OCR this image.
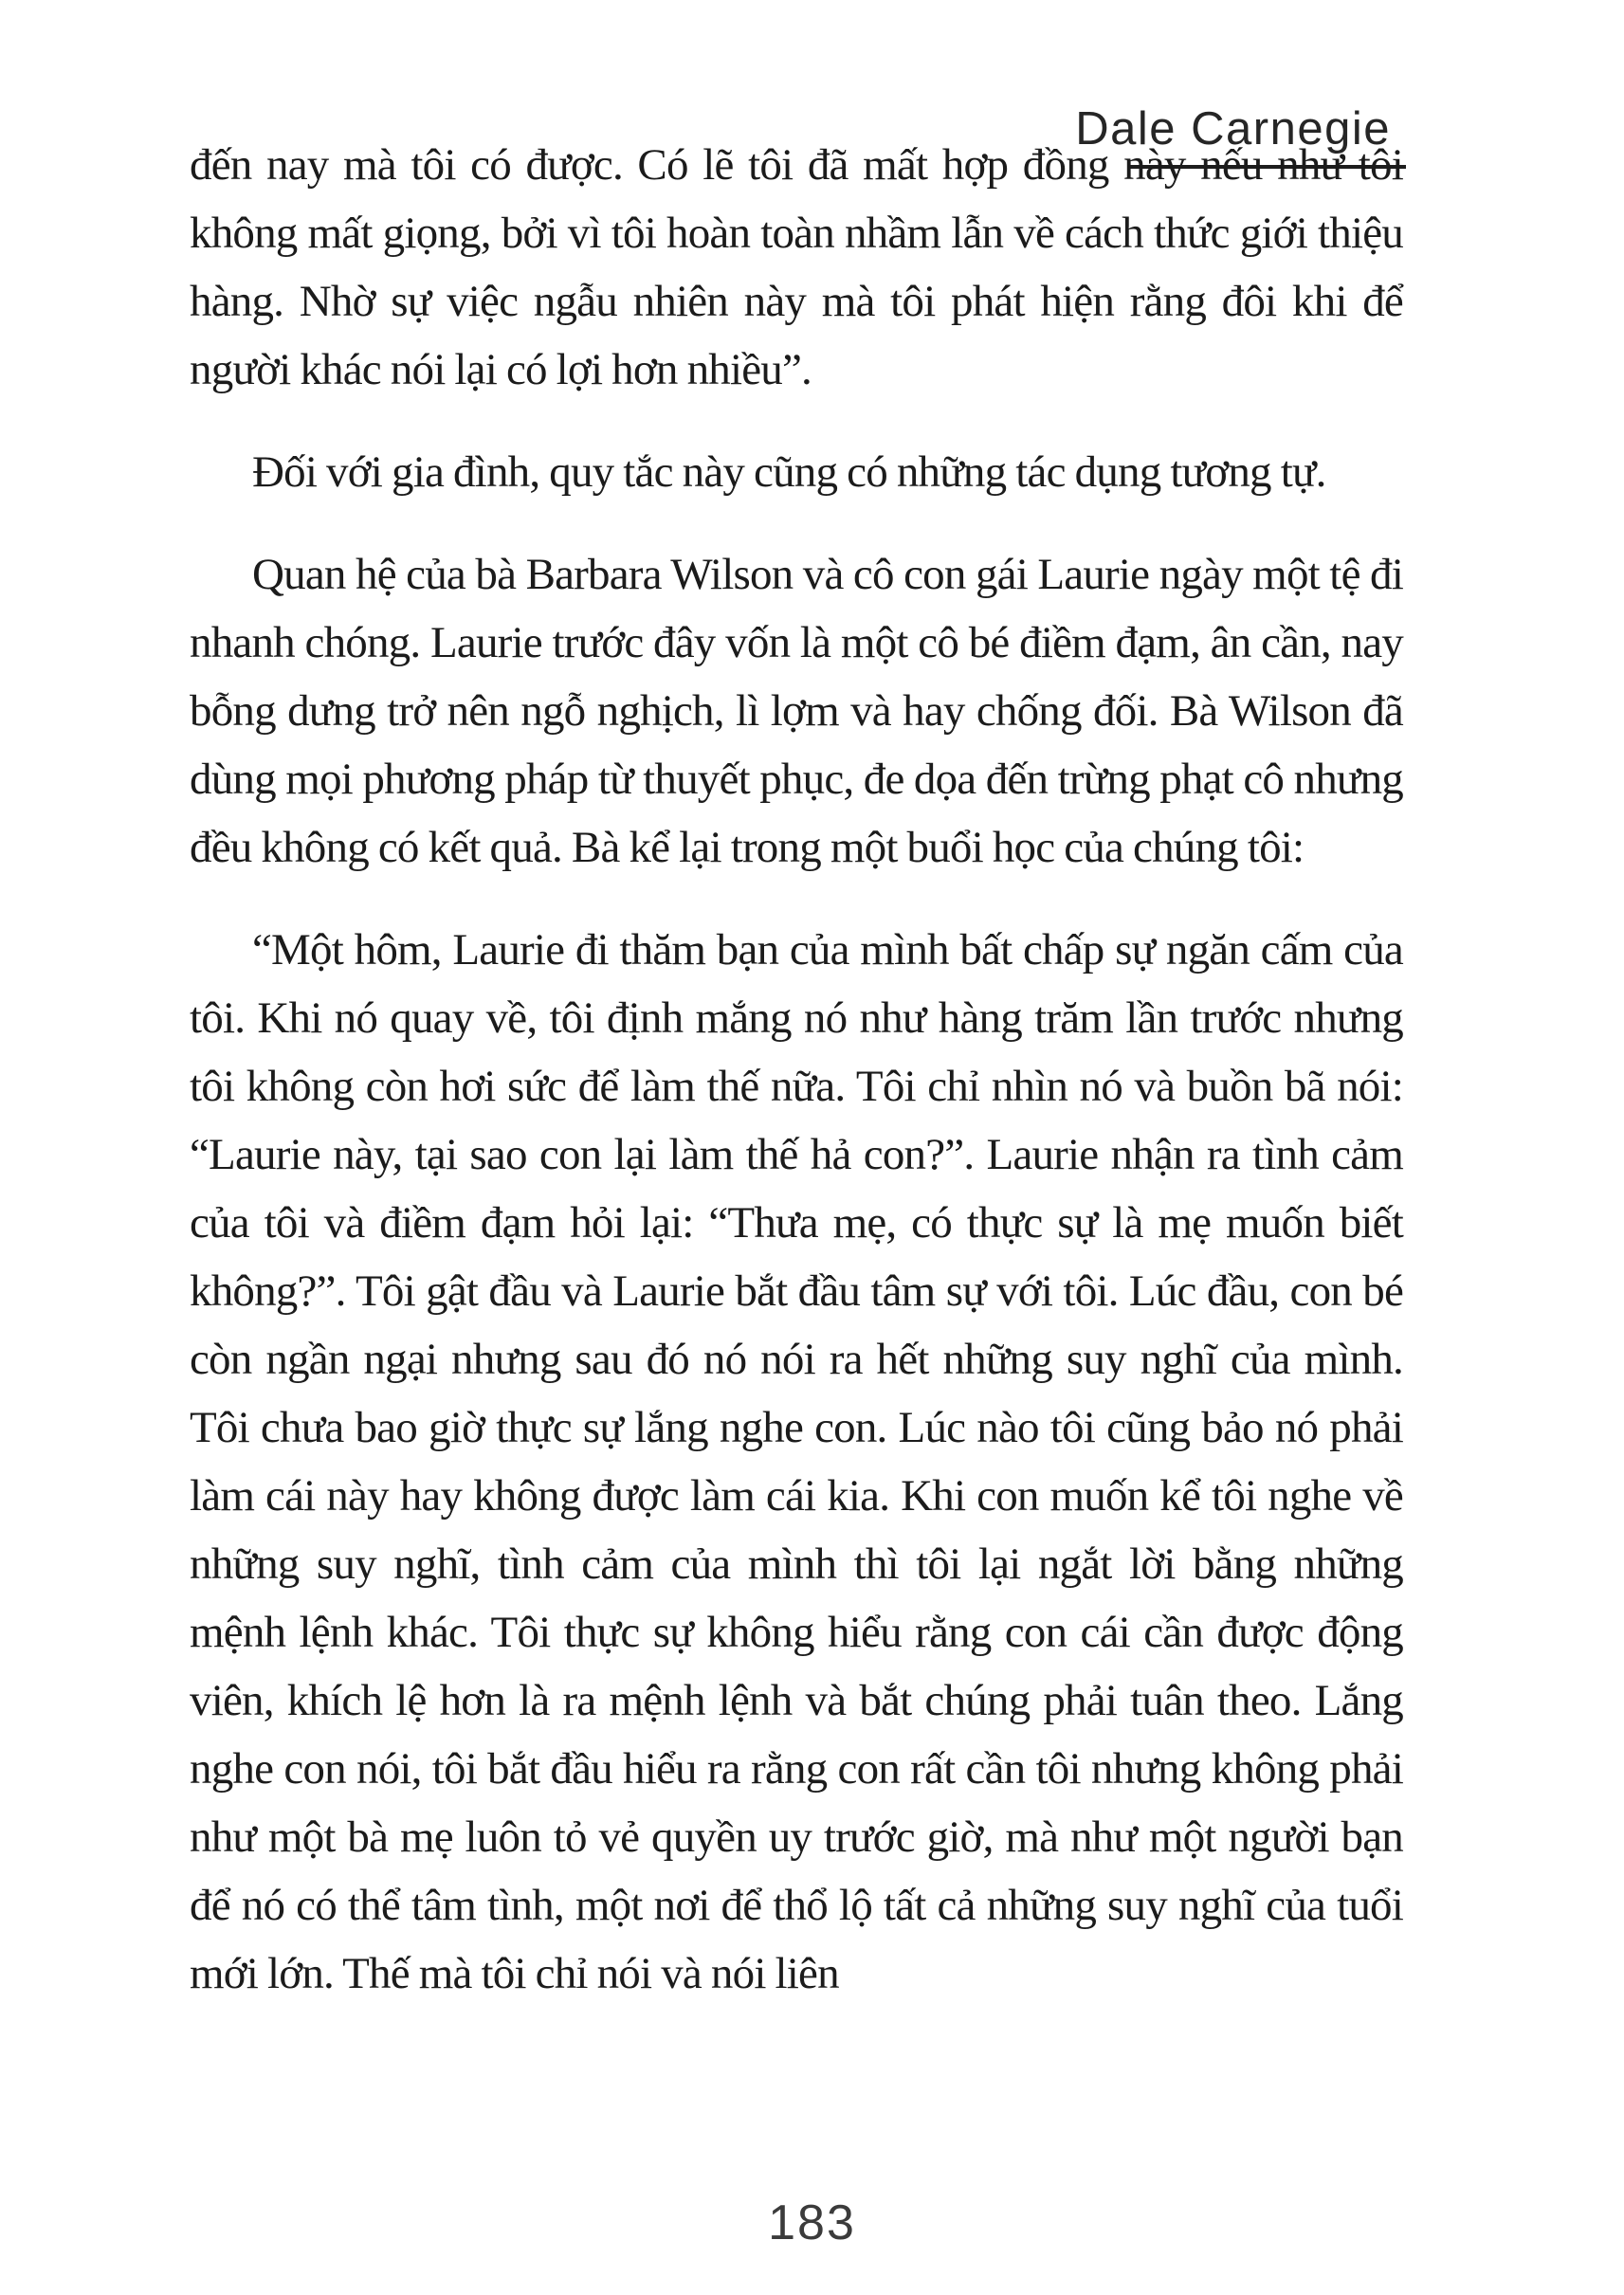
Dale Carnegie

đến nay mà tôi có được. Có lẽ tôi đã mất hợp đồng này nếu như tôi không mất giọng, bởi vì tôi hoàn toàn nhầm lẫn về cách thức giới thiệu hàng. Nhờ sự việc ngẫu nhiên này mà tôi phát hiện rằng đôi khi để người khác nói lại có lợi hơn nhiều”.

Đối với gia đình, quy tắc này cũng có những tác dụng tương tự.

Quan hệ của bà Barbara Wilson và cô con gái Laurie ngày một tệ đi nhanh chóng. Laurie trước đây vốn là một cô bé điềm đạm, ân cần, nay bỗng dưng trở nên ngỗ nghịch, lì lợm và hay chống đối. Bà Wilson đã dùng mọi phương pháp từ thuyết phục, đe dọa đến trừng phạt cô nhưng đều không có kết quả. Bà kể lại trong một buổi học của chúng tôi:

“Một hôm, Laurie đi thăm bạn của mình bất chấp sự ngăn cấm của tôi. Khi nó quay về, tôi định mắng nó như hàng trăm lần trước nhưng tôi không còn hơi sức để làm thế nữa. Tôi chỉ nhìn nó và buồn bã nói: “Laurie này, tại sao con lại làm thế hả con?”. Laurie nhận ra tình cảm của tôi và điềm đạm hỏi lại: “Thưa mẹ, có thực sự là mẹ muốn biết không?”. Tôi gật đầu và Laurie bắt đầu tâm sự với tôi. Lúc đầu, con bé còn ngần ngại nhưng sau đó nó nói ra hết những suy nghĩ của mình. Tôi chưa bao giờ thực sự lắng nghe con. Lúc nào tôi cũng bảo nó phải làm cái này hay không được làm cái kia. Khi con muốn kể tôi nghe về những suy nghĩ, tình cảm của mình thì tôi lại ngắt lời bằng những mệnh lệnh khác. Tôi thực sự không hiểu rằng con cái cần được động viên, khích lệ hơn là ra mệnh lệnh và bắt chúng phải tuân theo. Lắng nghe con nói, tôi bắt đầu hiểu ra rằng con rất cần tôi nhưng không phải như một bà mẹ luôn tỏ vẻ quyền uy trước giờ, mà như một người bạn để nó có thể tâm tình, một nơi để thổ lộ tất cả những suy nghĩ của tuổi mới lớn. Thế mà tôi chỉ nói và nói liên

183
